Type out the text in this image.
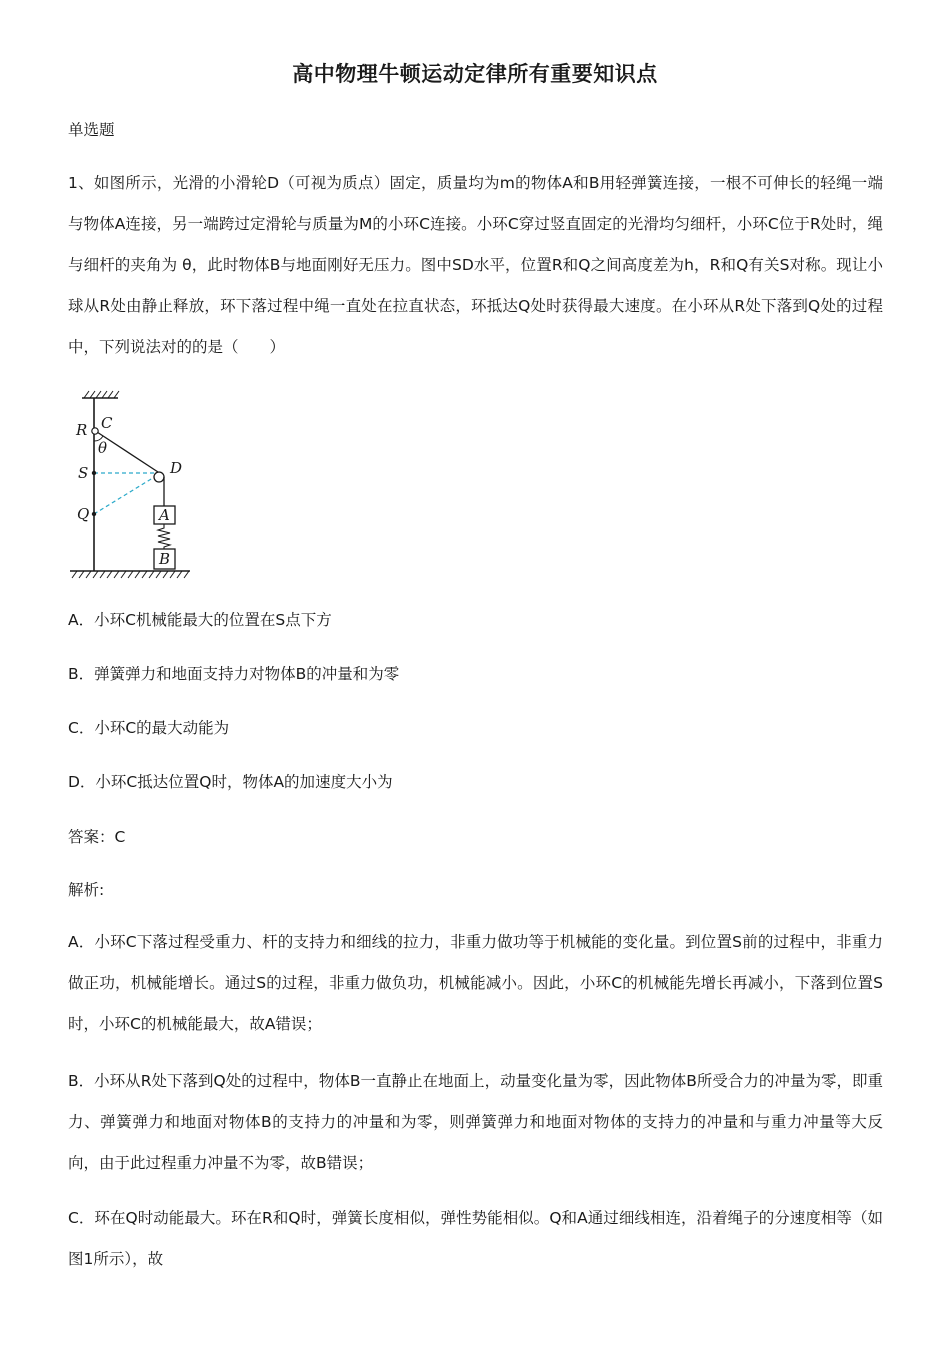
高中物理牛顿运动定律所有重要知识点
单选题
1、如图所示，光滑的小滑轮D（可视为质点）固定，质量均为m的物体A和B用轻弹簧连接，一根不可伸长的轻绳一端与物体A连接，另一端跨过定滑轮与质量为M的小环C连接。小环C穿过竖直固定的光滑均匀细杆，小环C位于R处时，绳与细杆的夹角为 θ，此时物体B与地面刚好无压力。图中SD水平，位置R和Q之间高度差为h，R和Q有关S对称。现让小球从R处由静止释放，环下落过程中绳一直处在拉直状态，环抵达Q处时获得最大速度。在小环从R处下落到Q处的过程中，下列说法对的的是（　　）
R C
θ
S	D
Q	A
B
A．小环C机械能最大的位置在S点下方
B．弹簧弹力和地面支持力对物体B的冲量和为零
C．小环C的最大动能为
D．小环C抵达位置Q时，物体A的加速度大小为
答案：C
解析:
A．小环C下落过程受重力、杆的支持力和细线的拉力，非重力做功等于机械能的变化量。到位置S前的过程中，非重力做正功，机械能增长。通过S的过程，非重力做负功，机械能减小。因此，小环C的机械能先增长再减小，下落到位置S时，小环C的机械能最大，故A错误；
B．小环从R处下落到Q处的过程中，物体B一直静止在地面上，动量变化量为零，因此物体B所受合力的冲量为零，即重力、弹簧弹力和地面对物体B的支持力的冲量和为零，则弹簧弹力和地面对物体的支持力的冲量和与重力冲量等大反向，由于此过程重力冲量不为零，故B错误；
C．环在Q时动能最大。环在R和Q时，弹簧长度相似，弹性势能相似。Q和A通过细线相连，沿着绳子的分速度相等（如图1所示），故
